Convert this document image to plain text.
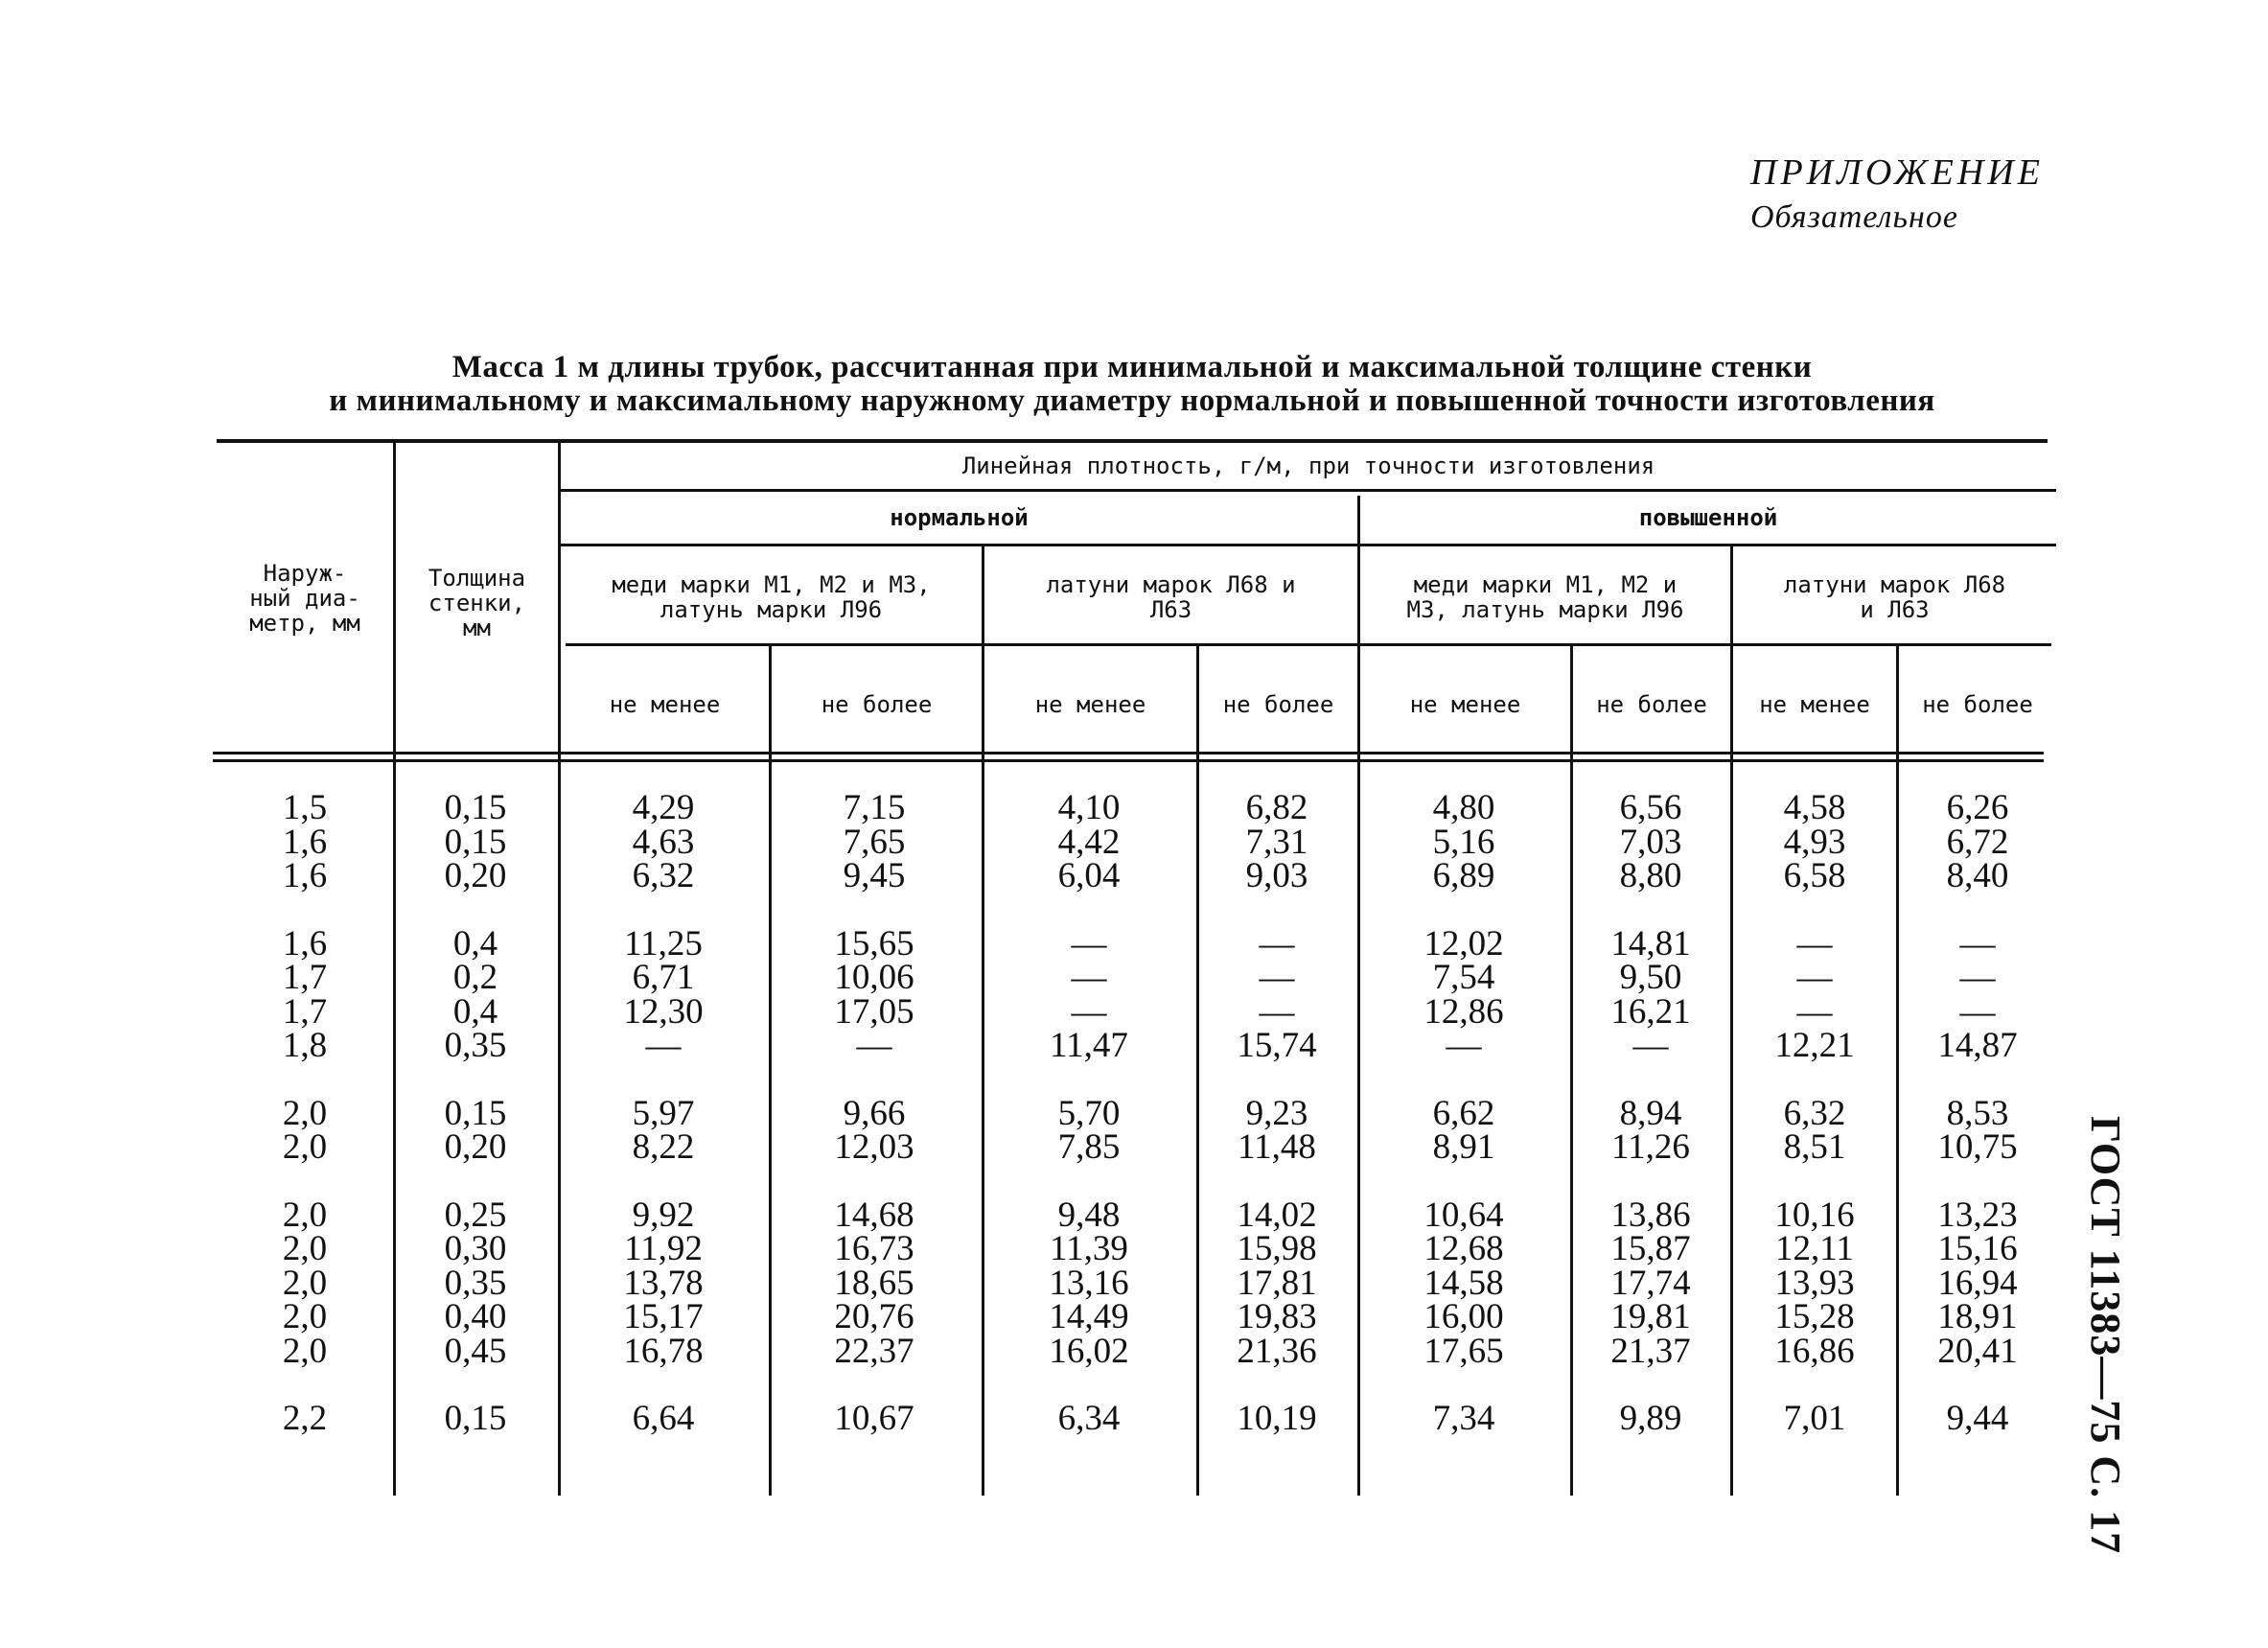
ПРИЛОЖЕНИЕ
Обязательное
Масса 1 м длины трубок, рассчитанная при минимальной и максимальной толщине стенки
и минимальному и максимальному наружному диаметру нормальной и повышенной точности изготовления
ГОСТ 11383—75 С. 17
Наруж-
ный диа-
метр, мм
Толщина
стенки,
мм
Линейная плотность, г/м, при точности изготовления
нормальной	повышенной
меди марки М1, М2 и М3,
латунь марки Л96
латуни марок Л68 и
Л63
меди марки М1, М2 и
М3, латунь марки Л96
латуни марок Л68
и Л63
не менее	не более	не менее	не более	не менее	не более	не менее	не более
1,5	0,15	4,29	7,15	4,10	6,82	4,80	6,56	4,58	6,26
1,6	0,15	4,63	7,65	4,42	7,31	5,16	7,03	4,93	6,72
1,6	0,20	6,32	9,45	6,04	9,03	6,89	8,80	6,58	8,40
1,6	0,4	11,25	15,65	—	—	12,02	14,81	—	—
1,7	0,2	6,71	10,06	—	—	7,54	9,50	—	—
1,7	0,4	12,30	17,05	—	—	12,86	16,21	—	—
1,8	0,35	—	—	11,47	15,74	—	—	12,21	14,87
2,0	0,15	5,97	9,66	5,70	9,23	6,62	8,94	6,32	8,53
2,0	0,20	8,22	12,03	7,85	11,48	8,91	11,26	8,51	10,75
2,0	0,25	9,92	14,68	9,48	14,02	10,64	13,86	10,16	13,23
2,0	0,30	11,92	16,73	11,39	15,98	12,68	15,87	12,11	15,16
2,0	0,35	13,78	18,65	13,16	17,81	14,58	17,74	13,93	16,94
2,0	0,40	15,17	20,76	14,49	19,83	16,00	19,81	15,28	18,91
2,0	0,45	16,78	22,37	16,02	21,36	17,65	21,37	16,86	20,41
2,2	0,15	6,64	10,67	6,34	10,19	7,34	9,89	7,01	9,44
